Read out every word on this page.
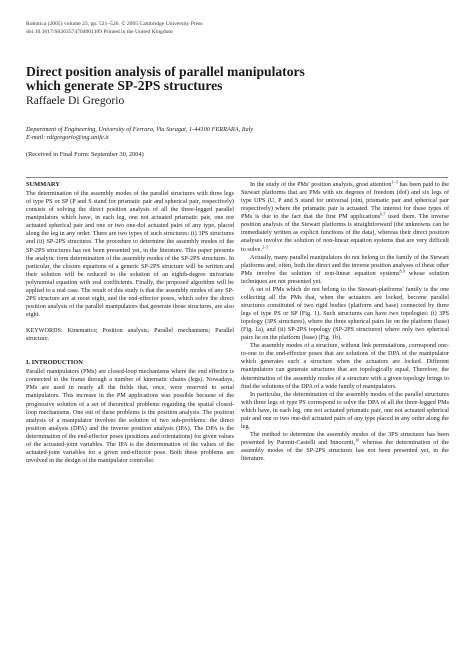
Robotica (2005) volume 23, pp. 521–526. © 2005 Cambridge University Press
doi:10.1017/S0263574704001109 Printed in the United Kingdom
Direct position analysis of parallel manipulators
which generate SP-2PS structures
Raffaele Di Gregorio
Department of Engineering, University of Ferrara, Via Saragat, 1-44100 FERRARA, Italy
E-mail: rdigregorio@ing.unife.it
(Received in Final Form: September 30, 2004)
SUMMARY

The determination of the assembly modes of the parallel structures with three legs of type PS or SP (P and S stand for prismatic pair and spherical pair, respectively) consists of solving the direct position analysis of all the three-legged parallel manipulators which have, in each leg, one not actuated prismatic pair, one not actuated spherical pair and one or two one-dof actuated pairs of any type, placed along the leg in any order. There are two types of such structures: (i) 3PS structures and (ii) SP-2PS structures. The procedure to determine the assembly modes of the SP-2PS structures has not been presented yet, in the literature. This paper presents the analytic form determination of the assembly modes of the SP-2PS structures. In particular, the closure equations of a generic SP-2PS structure will be written and their solution will be reduced to the solution of an eighth-degree univariate polynomial equation with real coefficients. Finally, the proposed algorithm will be applied to a real case. The result of this study is that the assembly modes of any SP-2PS structure are at most eight, and the end-effector poses, which solve the direct position analysis of the parallel manipulators that generate those structures, are also eight.

KEYWORDS: Kinematics; Position analysis; Parallel mechanisms; Parallel structure.

I. INTRODUCTION

Parallel manipulators (PMs) are closed-loop mechanisms where the end effector is connected to the frame through a number of kinematic chains (legs). Nowadays, PMs are used in nearly all the fields that, once, were reserved to serial manipulators. This increase in the PM applications was possible because of the progressive solution of a set of theoretical problems regarding the spatial closed-loop mechanisms. One out of these problems is the position analysis. The position analysis of a manipulator involves the solution of two sub-problems: the direct position analysis (DPA) and the inverse position analysis (IPA). The DPA is the determination of the end-effector poses (positions and orientations) for given values of the actuated-joint variables. The IPA is the determination of the values of the actuated-joint variables for a given end-effector pose. Both these problems are involved in the design of the manipulator controller.

In the study of the PMs' position analysis, great attention$^{1-5}$ has been paid to the Stewart platforms that are PMs with six degrees of freedom (dof) and six legs of type UPS (U, P and S stand for universal joint, prismatic pair and spherical pair respectively) where the prismatic pair is actuated. The interest for these types of PMs is due to the fact that the first PM applications$^{6,7}$ used them. The inverse position analysis of the Stewart platforms is straightforward (the unknowns can be immediately written as explicit functions of the data), whereas their direct position analyses involve the solution of non-linear equation systems that are very difficult to solve.$^{2-5}$

Actually, many parallel manipulators do not belong to the family of the Stewart platforms and, often, both the direct and the inverse position analyses of these other PMs involve the solution of non-linear equation systems$^{8,9}$ whose solution techniques are not presented yet.

A set of PMs which do not belong to the Stewart-platforms' family is the one collecting all the PMs that, when the actuators are locked, become parallel structures constituted of two rigid bodies (platform and base) connected by three legs of type PS or SP (Fig. 1). Such structures can have two topologies: (i) 3PS topology (3PS structures), where the three spherical pairs lie on the platform (base) (Fig. 1a), and (ii) SP-2PS topology (SP-2PS structures) where only two spherical pairs lie on the platform (base) (Fig. 1b).

The assembly modes of a structure, without link permutations, correspond one-to-one to the end-effector poses that are solutions of the DPA of the manipulator which generates such a structure when the actuators are locked. Different manipulators can generate structures that are topologically equal. Therefore, the determination of the assembly modes of a structure with a given topology brings to find the solutions of the DPA of a wide family of manipulators.

In particular, the determination of the assembly modes of the parallel structures with three legs of type PS correspond to solve the DPA of all the three-legged PMs which have, in each leg, one not actuated prismatic pair, one not actuated spherical pair and one or two one-dof actuated pairs of any type placed in any order along the leg.

The method to determine the assembly modes of the 3PS structures has been presented by Parenti-Castelli and Innocenti,$^{10}$ whereas the determination of the assembly modes of the SP-2PS structures has not been presented yet, in the literature.
